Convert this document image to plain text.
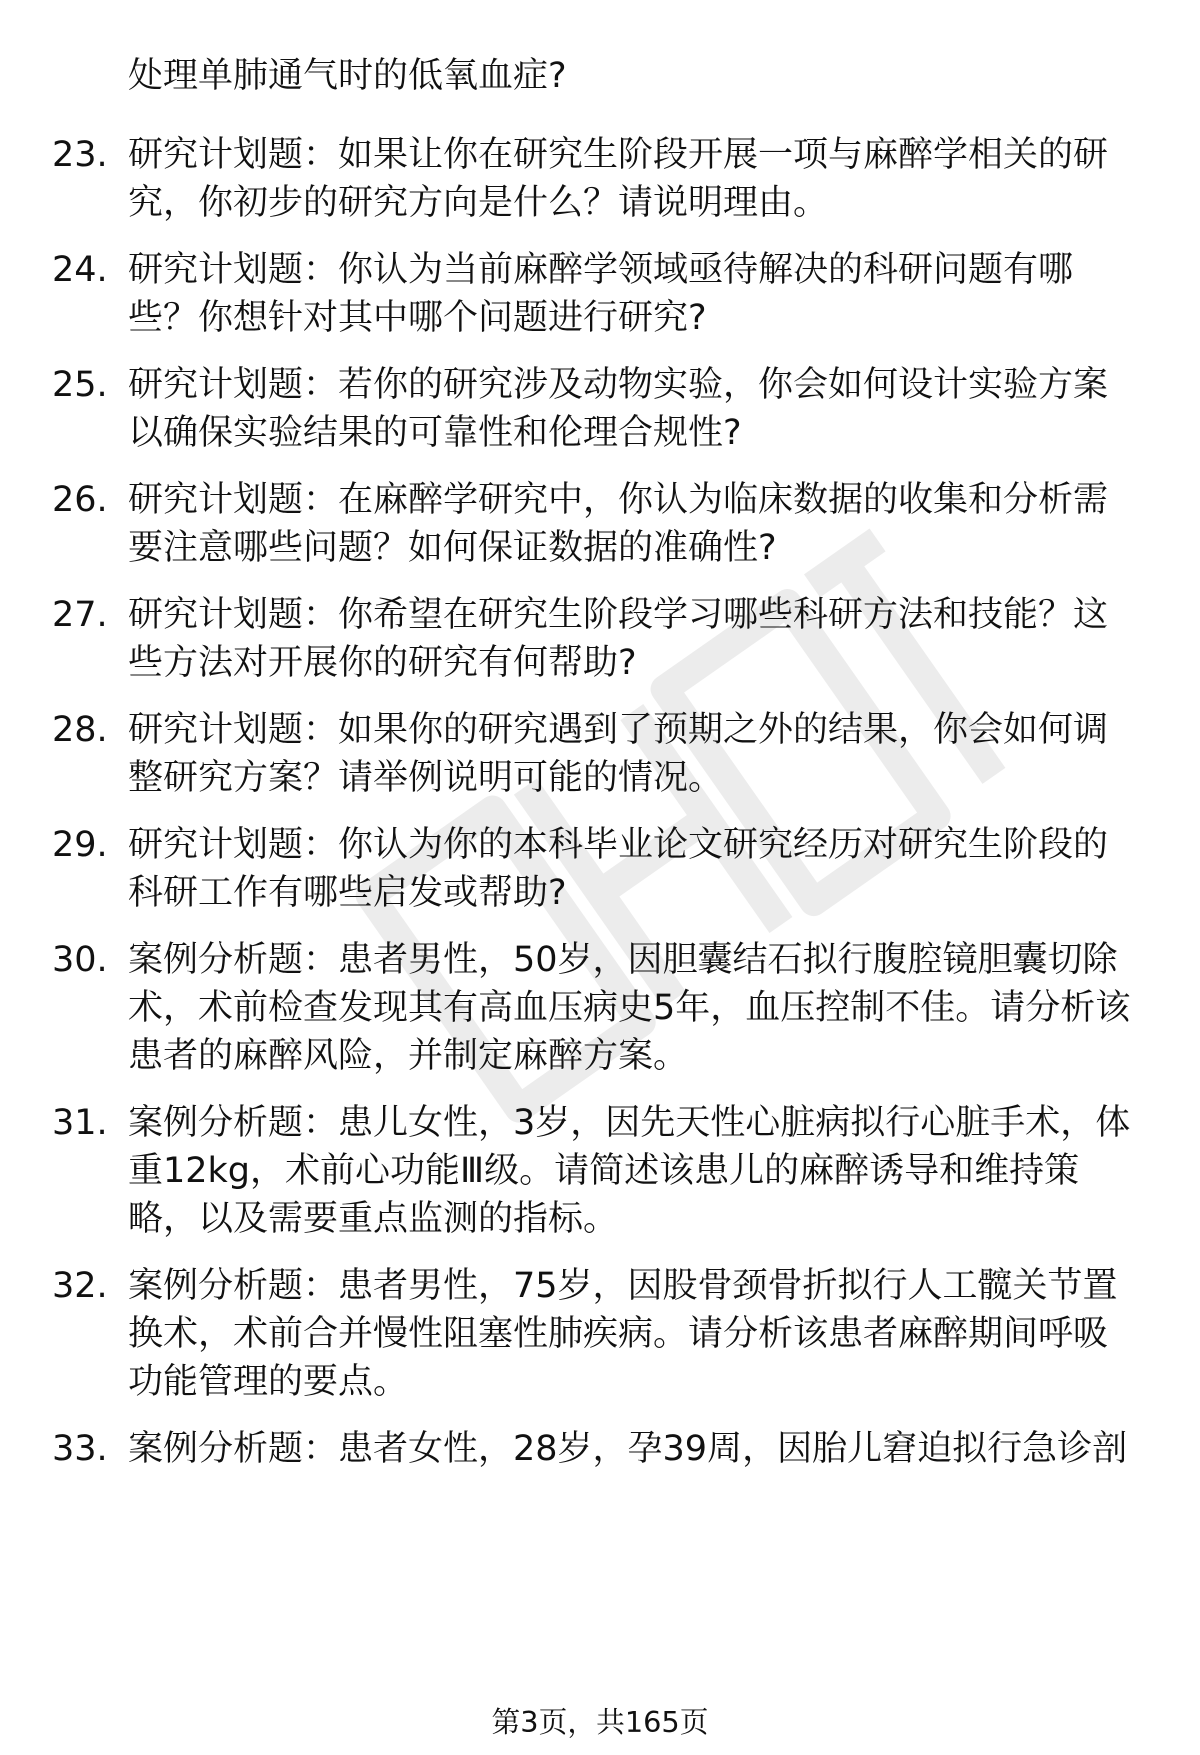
处理单肺通气时的低氧血症?
23. 研究计划题：如果让你在研究生阶段开展一项与麻醉学相关的研
究，你初步的研究方向是什么？请说明理由。
24. 研究计划题：你认为当前麻醉学领域亟待解决的科研问题有哪
些？你想针对其中哪个问题进行研究?
25. 研究计划题：若你的研究涉及动物实验，你会如何设计实验方案
以确保实验结果的可靠性和伦理合规性?
26. 研究计划题：在麻醉学研究中，你认为临床数据的收集和分析需
要注意哪些问题？如何保证数据的准确性?
27. 研究计划题：你希望在研究生阶段学习哪些科研方法和技能？这
些方法对开展你的研究有何帮助?
28. 研究计划题：如果你的研究遇到了预期之外的结果，你会如何调
整研究方案？请举例说明可能的情况。
29. 研究计划题：你认为你的本科毕业论文研究经历对研究生阶段的
科研工作有哪些启发或帮助?
30. 案例分析题：患者男性，50岁，因胆囊结石拟行腹腔镜胆囊切除
术，术前检查发现其有高血压病史5年，血压控制不佳。请分析该
患者的麻醉风险，并制定麻醉方案。
31. 案例分析题：患儿女性，3岁，因先天性心脏病拟行心脏手术，体
重12kg，术前心功能Ⅲ级。请简述该患儿的麻醉诱导和维持策
略，以及需要重点监测的指标。
32. 案例分析题：患者男性，75岁，因股骨颈骨折拟行人工髋关节置
换术，术前合并慢性阻塞性肺疾病。请分析该患者麻醉期间呼吸
功能管理的要点。
33. 案例分析题：患者女性，28岁，孕39周，因胎儿窘迫拟行急诊剖
第3页，共165页
